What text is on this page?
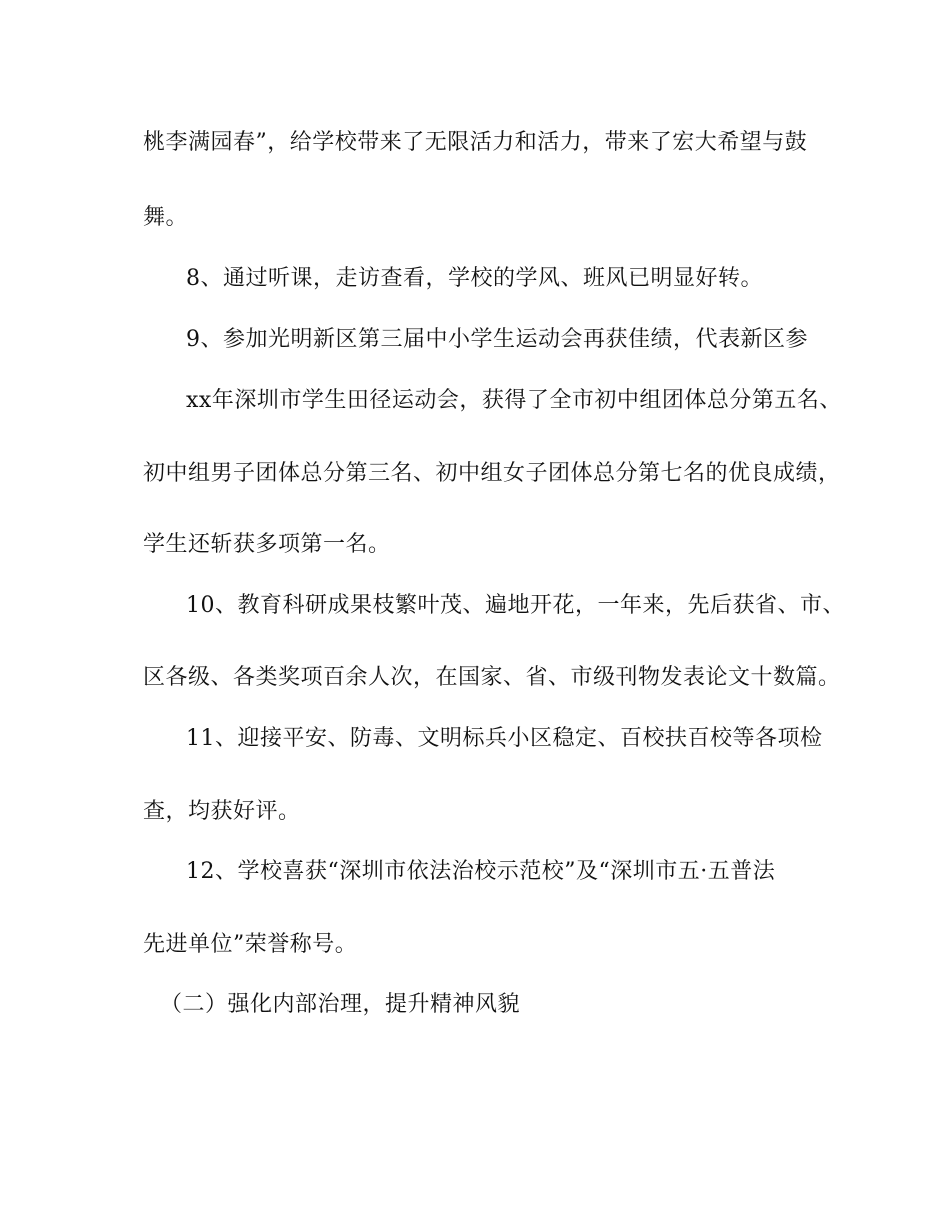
桃李满园春”，给学校带来了无限活力和活力，带来了宏大希望与鼓
舞。
8、通过听课，走访查看，学校的学风、班风已明显好转。
9、参加光明新区第三届中小学生运动会再获佳绩，代表新区参
xx年深圳市学生田径运动会，获得了全市初中组团体总分第五名、
初中组男子团体总分第三名、初中组女子团体总分第七名的优良成绩，
学生还斩获多项第一名。
10、教育科研成果枝繁叶茂、遍地开花，一年来，先后获省、市、
区各级、各类奖项百余人次，在国家、省、市级刊物发表论文十数篇。
11、迎接平安、防毒、文明标兵小区稳定、百校扶百校等各项检
查，均获好评。
12、学校喜获“深圳市依法治校示范校”及“深圳市五·五普法
先进单位”荣誉称号。
（二）强化内部治理，提升精神风貌
